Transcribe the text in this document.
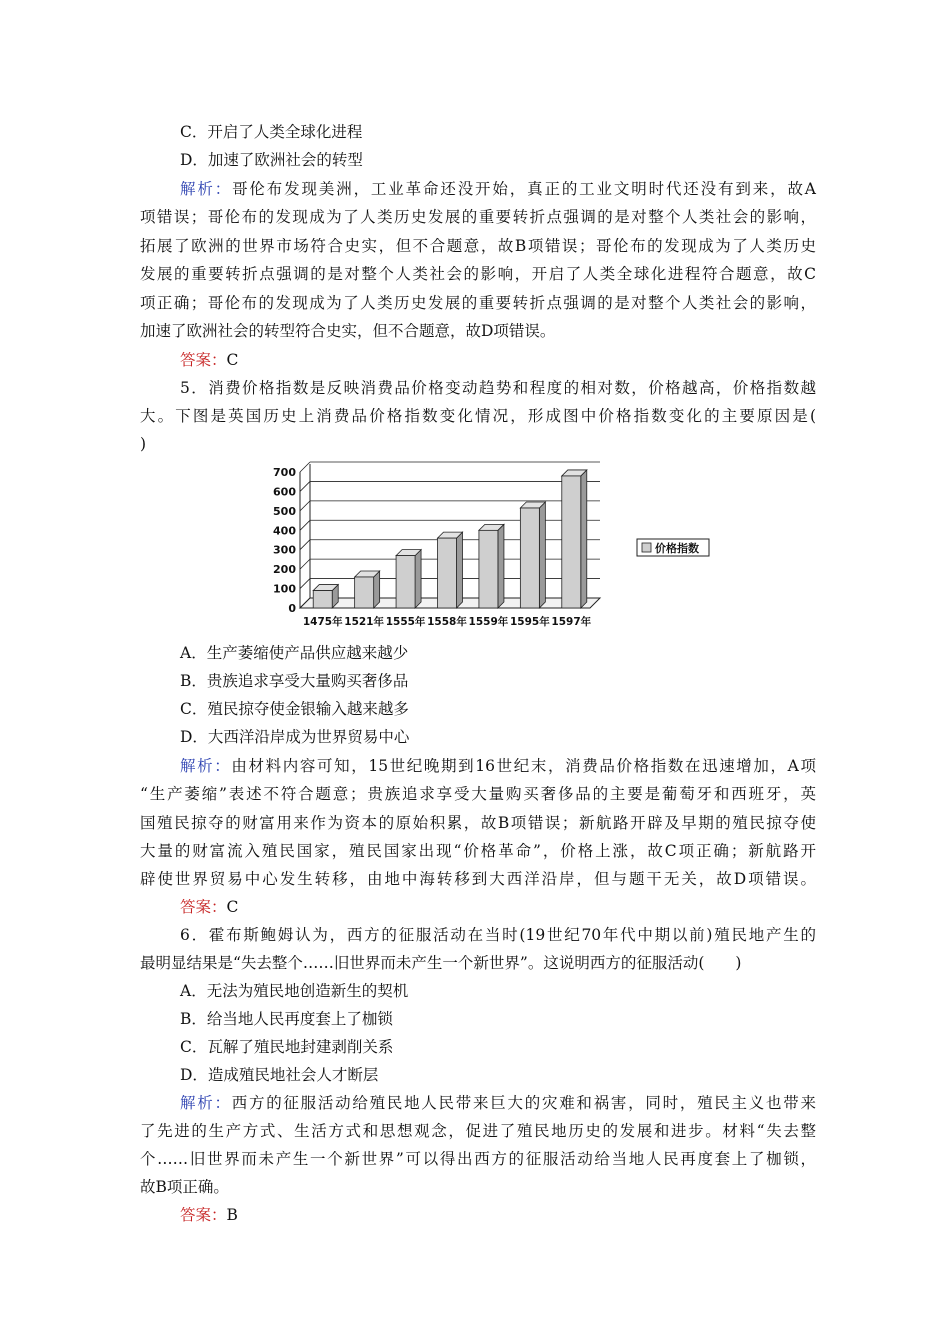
C．开启了人类全球化进程
D．加速了欧洲社会的转型
解析：哥伦布发现美洲，工业革命还没开始，真正的工业文明时代还没有到来，故A
项错误；哥伦布的发现成为了人类历史发展的重要转折点强调的是对整个人类社会的影响，
拓展了欧洲的世界市场符合史实，但不合题意，故B项错误；哥伦布的发现成为了人类历史
发展的重要转折点强调的是对整个人类社会的影响，开启了人类全球化进程符合题意，故C
项正确；哥伦布的发现成为了人类历史发展的重要转折点强调的是对整个人类社会的影响，
加速了欧洲社会的转型符合史实，但不合题意，故D项错误。
答案：C
5．消费价格指数是反映消费品价格变动趋势和程度的相对数，价格越高，价格指数越
大。下图是英国历史上消费品价格指数变化情况，形成图中价格指数变化的主要原因是(
)
0
100
200
300
400
500
600
700
1475年 1521年 1555年 1558年 1559年 1595年 1597年
价格指数
A．生产萎缩使产品供应越来越少
B．贵族追求享受大量购买奢侈品
C．殖民掠夺使金银输入越来越多
D．大西洋沿岸成为世界贸易中心
解析：由材料内容可知，15世纪晚期到16世纪末，消费品价格指数在迅速增加，A项
“生产萎缩”表述不符合题意；贵族追求享受大量购买奢侈品的主要是葡萄牙和西班牙，英
国殖民掠夺的财富用来作为资本的原始积累，故B项错误；新航路开辟及早期的殖民掠夺使
大量的财富流入殖民国家，殖民国家出现“价格革命”，价格上涨，故C项正确；新航路开
辟使世界贸易中心发生转移，由地中海转移到大西洋沿岸，但与题干无关，故D项错误。
答案：C
6．霍布斯鲍姆认为，西方的征服活动在当时(19世纪70年代中期以前)殖民地产生的
最明显结果是“失去整个……旧世界而未产生一个新世界”。这说明西方的征服活动(　　)
A．无法为殖民地创造新生的契机
B．给当地人民再度套上了枷锁
C．瓦解了殖民地封建剥削关系
D．造成殖民地社会人才断层
解析：西方的征服活动给殖民地人民带来巨大的灾难和祸害，同时，殖民主义也带来
了先进的生产方式、生活方式和思想观念，促进了殖民地历史的发展和进步。材料“失去整
个……旧世界而未产生一个新世界”可以得出西方的征服活动给当地人民再度套上了枷锁，
故B项正确。
答案：B
